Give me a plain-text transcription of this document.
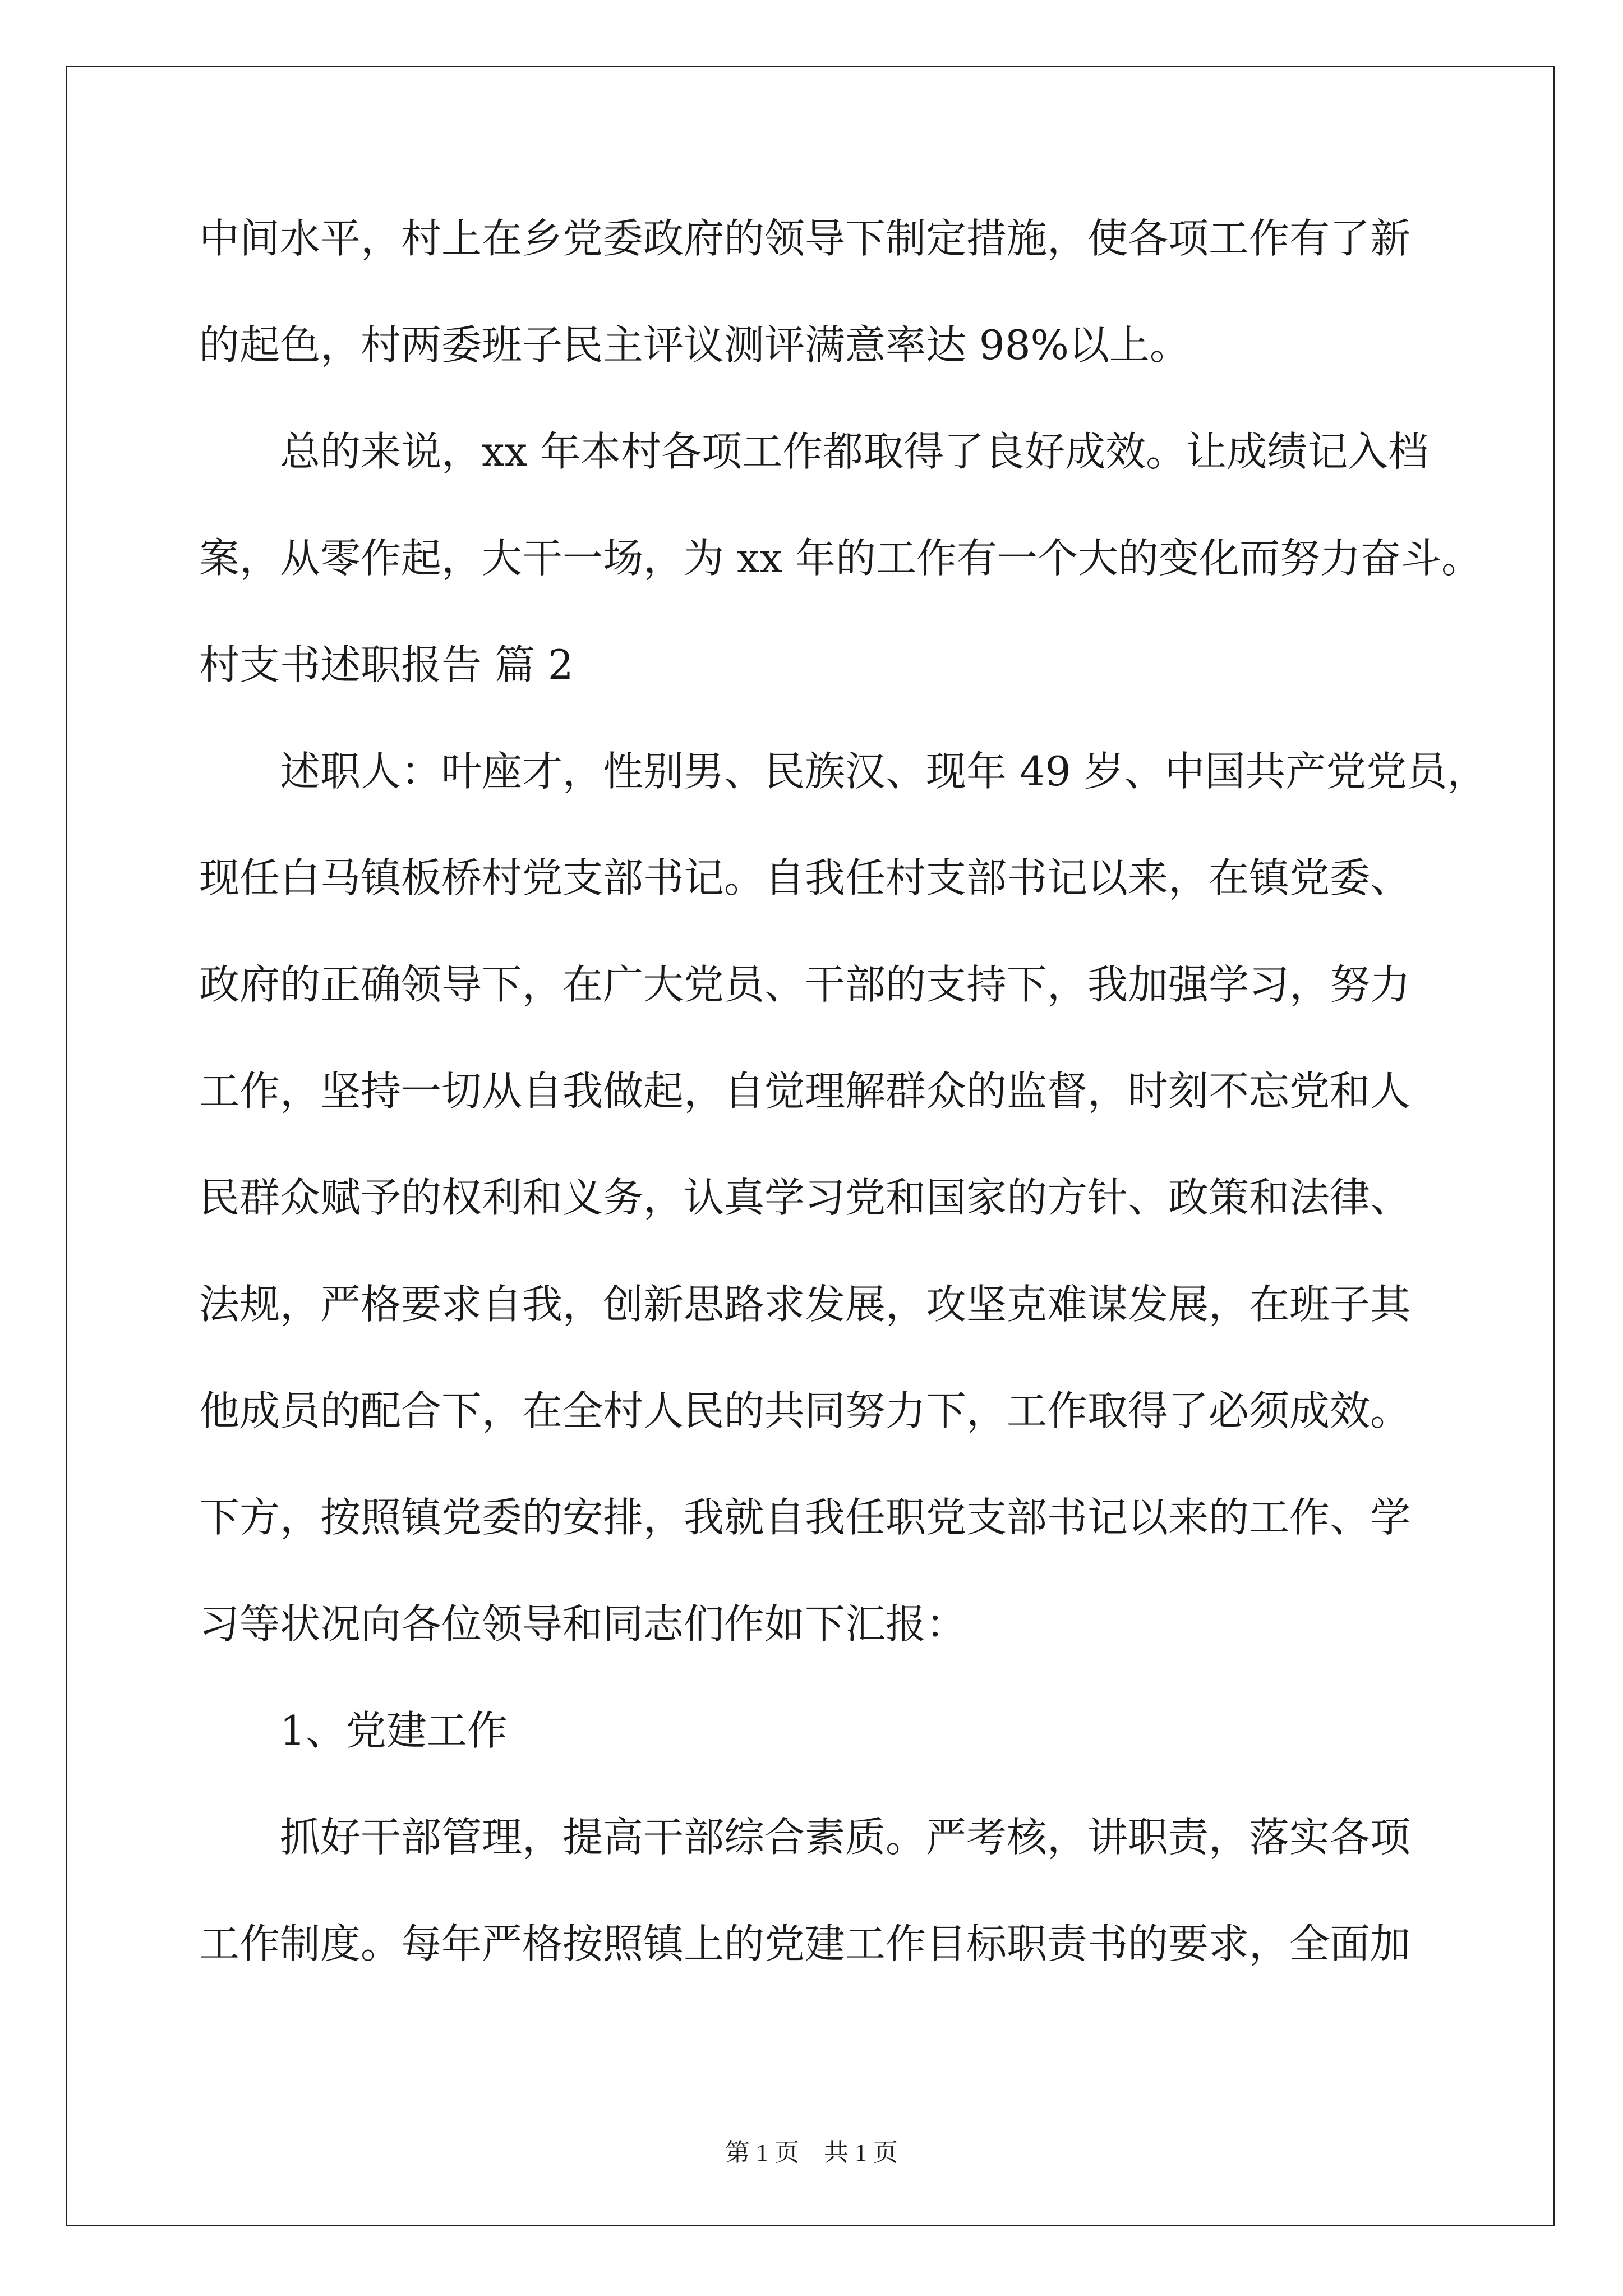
中间水平，村上在乡党委政府的领导下制定措施，使各项工作有了新
的起色，村两委班子民主评议测评满意率达 98%以上。
总的来说，xx 年本村各项工作都取得了良好成效。让成绩记入档
案，从零作起，大干一场，为 xx 年的工作有一个大的变化而努力奋斗。
村支书述职报告 篇 2
述职人：叶座才，性别男、民族汉、现年 49 岁、中国共产党党员，
现任白马镇板桥村党支部书记。自我任村支部书记以来，在镇党委、
政府的正确领导下，在广大党员、干部的支持下，我加强学习，努力
工作，坚持一切从自我做起，自觉理解群众的监督，时刻不忘党和人
民群众赋予的权利和义务，认真学习党和国家的方针、政策和法律、
法规，严格要求自我，创新思路求发展，攻坚克难谋发展，在班子其
他成员的配合下，在全村人民的共同努力下，工作取得了必须成效。
下方，按照镇党委的安排，我就自我任职党支部书记以来的工作、学
习等状况向各位领导和同志们作如下汇报：
1、党建工作
抓好干部管理，提高干部综合素质。严考核，讲职责，落实各项
工作制度。每年严格按照镇上的党建工作目标职责书的要求，全面加
第 1 页    共 1 页
